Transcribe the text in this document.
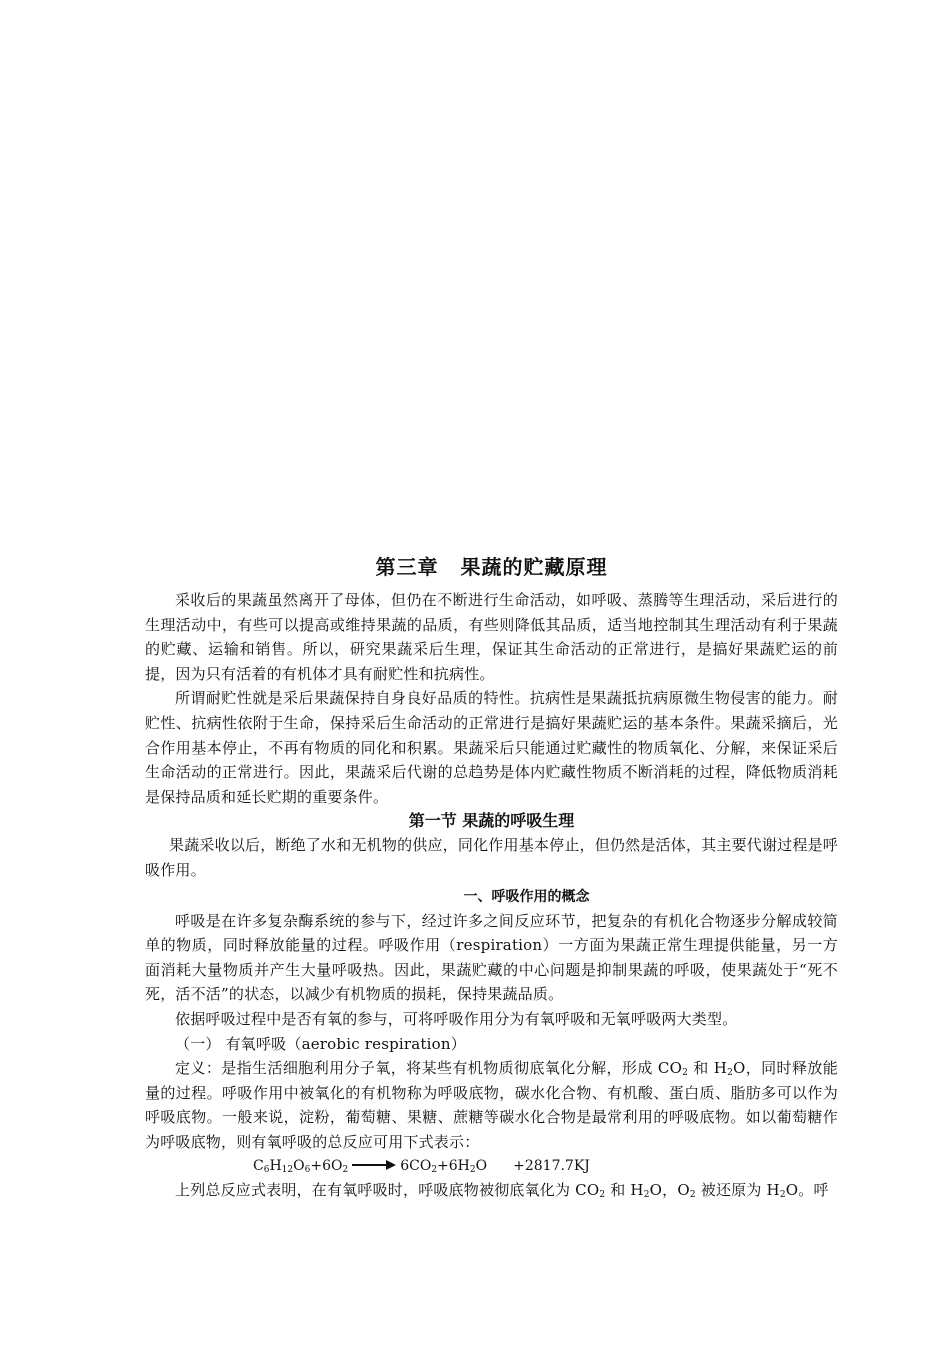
第三章 果蔬的贮藏原理

采收后的果蔬虽然离开了母体，但仍在不断进行生命活动，如呼吸、蒸腾等生理活动，采后进行的生理活动中，有些可以提高或维持果蔬的品质，有些则降低其品质，适当地控制其生理活动有利于果蔬的贮藏、运输和销售。所以，研究果蔬采后生理，保证其生命活动的正常进行，是搞好果蔬贮运的前提，因为只有活着的有机体才具有耐贮性和抗病性。

所谓耐贮性就是采后果蔬保持自身良好品质的特性。抗病性是果蔬抵抗病原微生物侵害的能力。耐贮性、抗病性依附于生命，保持采后生命活动的正常进行是搞好果蔬贮运的基本条件。果蔬采摘后，光合作用基本停止，不再有物质的同化和积累。果蔬采后只能通过贮藏性的物质氧化、分解，来保证采后生命活动的正常进行。因此，果蔬采后代谢的总趋势是体内贮藏性物质不断消耗的过程，降低物质消耗是保持品质和延长贮期的重要条件。

第一节 果蔬的呼吸生理

果蔬采收以后，断绝了水和无机物的供应，同化作用基本停止，但仍然是活体，其主要代谢过程是呼吸作用。

一、呼吸作用的概念

呼吸是在许多复杂酶系统的参与下，经过许多之间反应环节，把复杂的有机化合物逐步分解成较简单的物质，同时释放能量的过程。呼吸作用（respiration）一方面为果蔬正常生理提供能量，另一方面消耗大量物质并产生大量呼吸热。因此，果蔬贮藏的中心问题是抑制果蔬的呼吸，使果蔬处于“死不死，活不活”的状态，以减少有机物质的损耗，保持果蔬品质。

依据呼吸过程中是否有氧的参与，可将呼吸作用分为有氧呼吸和无氧呼吸两大类型。

（一） 有氧呼吸（aerobic respiration）

定义：是指生活细胞利用分子氧，将某些有机物质彻底氧化分解，形成 $CO_2$ 和 $H_2O$，同时释放能量的过程。呼吸作用中被氧化的有机物称为呼吸底物，碳水化合物、有机酸、蛋白质、脂肪多可以作为呼吸底物。一般来说，淀粉，葡萄糖、果糖、蔗糖等碳水化合物是最常利用的呼吸底物。如以葡萄糖作为呼吸底物，则有氧呼吸的总反应可用下式表示：

$C_6H_{12}O_6+6O_2 \to 6CO_2+6H_2O +2817.7KJ$

上列总反应式表明，在有氧呼吸时，呼吸底物被彻底氧化为 $CO_2$ 和 $H_2O$，$O_2$ 被还原为 $H_2O$。呼
